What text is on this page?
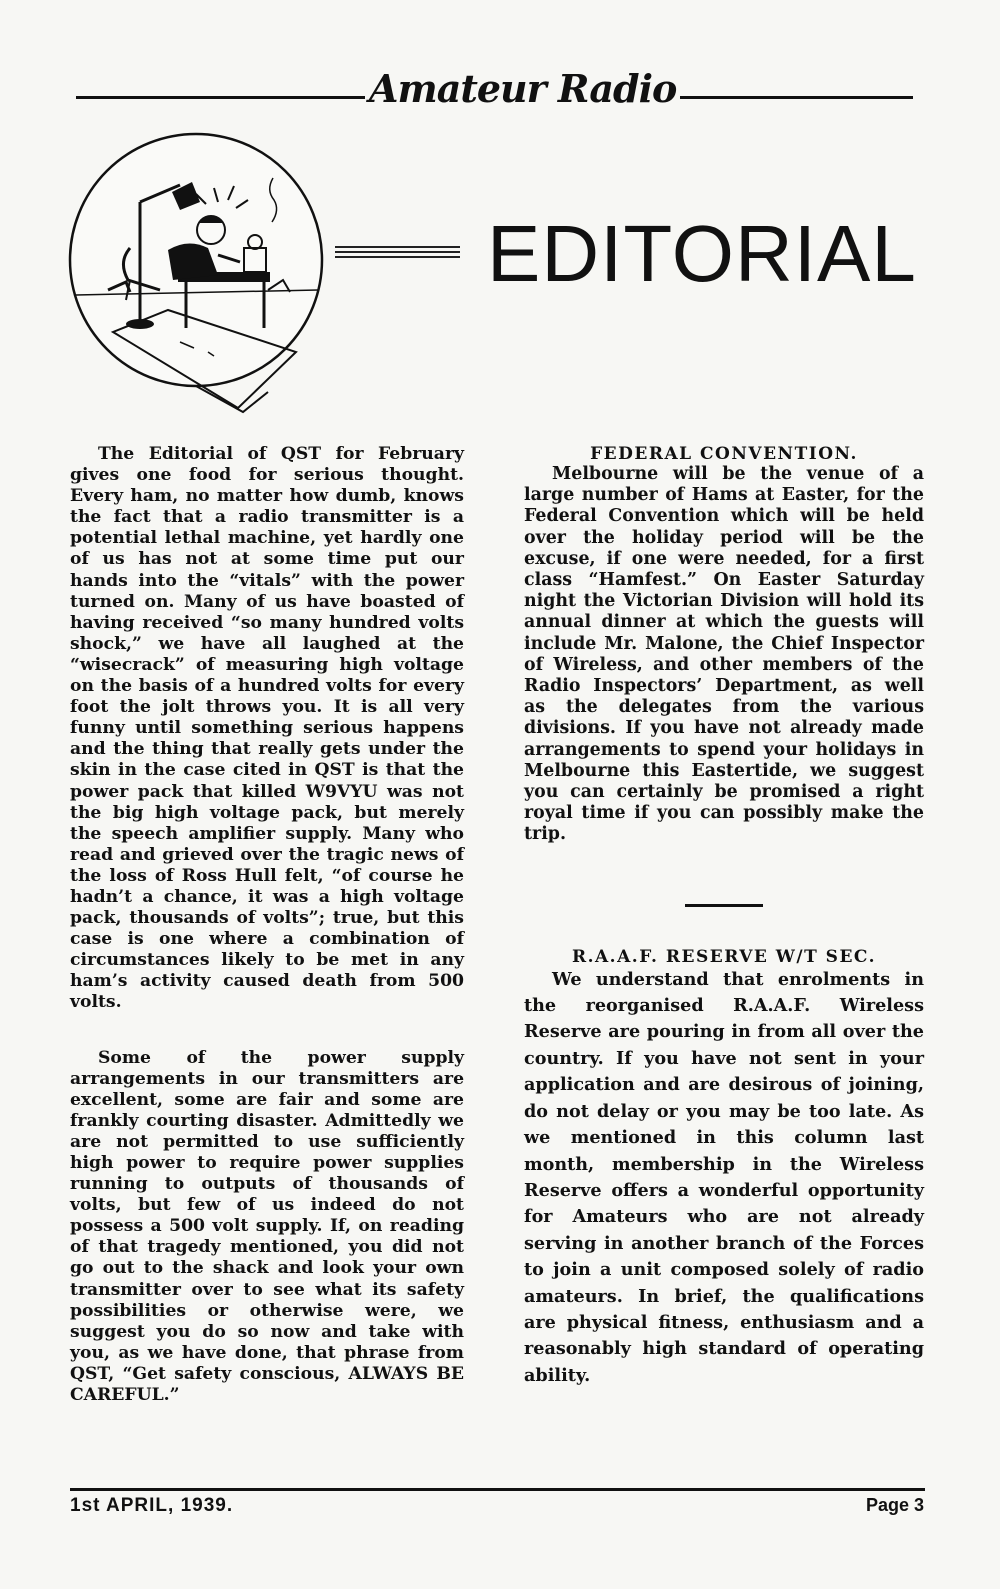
Amateur Radio
EDITORIAL

The Editorial of QST for February gives one food for serious thought. Every ham, no matter how dumb, knows the fact that a radio transmitter is a potential lethal machine, yet hardly one of us has not at some time put our hands into the “vitals” with the power turned on. Many of us have boasted of having received “so many hundred volts shock,” we have all laughed at the “wisecrack” of measuring high voltage on the basis of a hundred volts for every foot the jolt throws you. It is all very funny until something serious happens and the thing that really gets under the skin in the case cited in QST is that the power pack that killed W9VYU was not the big high voltage pack, but merely the speech amplifier supply. Many who read and grieved over the tragic news of the loss of Ross Hull felt, “of course he hadn’t a chance, it was a high voltage pack, thousands of volts”; true, but this case is one where a combination of circumstances likely to be met in any ham’s activity caused death from 500 volts.

Some of the power supply arrangements in our transmitters are excellent, some are fair and some are frankly courting disaster. Admittedly we are not permitted to use sufficiently high power to require power supplies running to outputs of thousands of volts, but few of us indeed do not possess a 500 volt supply. If, on reading of that tragedy mentioned, you did not go out to the shack and look your own transmitter over to see what its safety possibilities or otherwise were, we suggest you do so now and take with you, as we have done, that phrase from QST, “Get safety conscious, ALWAYS BE CAREFUL.”

FEDERAL CONVENTION.

Melbourne will be the venue of a large number of Hams at Easter, for the Federal Convention which will be held over the holiday period will be the excuse, if one were needed, for a first class “Hamfest.” On Easter Saturday night the Victorian Division will hold its annual dinner at which the guests will include Mr. Malone, the Chief Inspector of Wireless, and other members of the Radio Inspectors’ Department, as well as the delegates from the various divisions. If you have not already made arrangements to spend your holidays in Melbourne this Eastertide, we suggest you can certainly be promised a right royal time if you can possibly make the trip.

R.A.A.F. RESERVE W/T SEC.

We understand that enrolments in the reorganised R.A.A.F. Wireless Reserve are pouring in from all over the country. If you have not sent in your application and are desirous of joining, do not delay or you may be too late. As we mentioned in this column last month, membership in the Wireless Reserve offers a wonderful opportunity for Amateurs who are not already serving in another branch of the Forces to join a unit composed solely of radio amateurs. In brief, the qualifications are physical fitness, enthusiasm and a reasonably high standard of operating ability.

1st APRIL, 1939.	Page 3
